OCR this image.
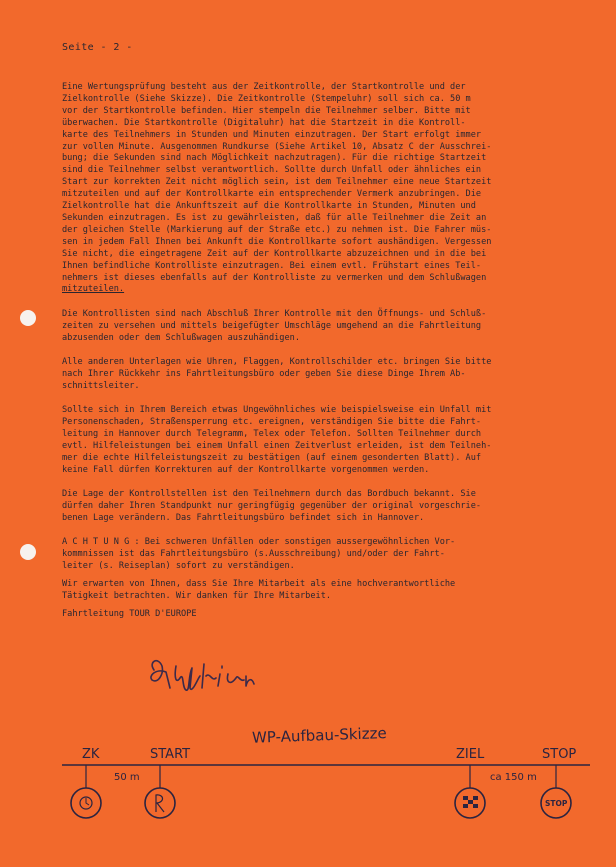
Seite - 2 -
Eine Wertungsprüfung besteht aus der Zeitkontrolle, der Startkontrolle und der
Zielkontrolle (Siehe Skizze). Die Zeitkontrolle (Stempeluhr) soll sich ca. 50 m
vor der Startkontrolle befinden. Hier stempeln die Teilnehmer selber. Bitte mit
überwachen. Die Startkontrolle (Digitaluhr) hat die Startzeit in die Kontroll-
karte des Teilnehmers in Stunden und Minuten einzutragen. Der Start erfolgt immer
zur vollen Minute. Ausgenommen Rundkurse (Siehe Artikel 10, Absatz C der Ausschrei-
bung; die Sekunden sind nach Möglichkeit nachzutragen). Für die richtige Startzeit
sind die Teilnehmer selbst verantwortlich. Sollte durch Unfall oder ähnliches ein
Start zur korrekten Zeit nicht möglich sein, ist dem Teilnehmer eine neue Startzeit
mitzuteilen und auf der Kontrollkarte ein entsprechender Vermerk anzubringen. Die
Zielkontrolle hat die Ankunftszeit auf die Kontrollkarte in Stunden, Minuten und
Sekunden einzutragen. Es ist zu gewährleisten, daß für alle Teilnehmer die Zeit an
der gleichen Stelle (Markierung auf der Straße etc.) zu nehmen ist. Die Fahrer müs-
sen in jedem Fall Ihnen bei Ankunft die Kontrollkarte sofort aushändigen. Vergessen
Sie nicht, die eingetragene Zeit auf der Kontrollkarte abzuzeichnen und in die bei
Ihnen befindliche Kontrolliste einzutragen. Bei einem evtl. Frühstart eines Teil-
nehmers ist dieses ebenfalls auf der Kontrolliste zu vermerken und dem Schlußwagen
mitzuteilen.
Die Kontrollisten sind nach Abschluß Ihrer Kontrolle mit den Öffnungs- und Schluß-
zeiten zu versehen und mittels beigefügter Umschläge umgehend an die Fahrtleitung
abzusenden oder dem Schlußwagen auszuhändigen.
Alle anderen Unterlagen wie Uhren, Flaggen, Kontrollschilder etc. bringen Sie bitte
nach Ihrer Rückkehr ins Fahrtleitungsbüro oder geben Sie diese Dinge Ihrem Ab-
schnittsleiter.
Sollte sich in Ihrem Bereich etwas Ungewöhnliches wie beispielsweise ein Unfall mit
Personenschaden, Straßensperrung etc. ereignen, verständigen Sie bitte die Fahrt-
leitung in Hannover durch Telegramm, Telex oder Telefon. Sollten Teilnehmer durch
evtl. Hilfeleistungen bei einem Unfall einen Zeitverlust erleiden, ist dem Teilneh-
mer die echte Hilfeleistungszeit zu bestätigen (auf einem gesonderten Blatt). Auf
keine Fall dürfen Korrekturen auf der Kontrollkarte vorgenommen werden.
Die Lage der Kontrollstellen ist den Teilnehmern durch das Bordbuch bekannt. Sie
dürfen daher Ihren Standpunkt nur geringfügig gegenüber der original vorgeschrie-
benen Lage verändern. Das Fahrtleitungsbüro befindet sich in Hannover.
A C H T U N G : Bei schweren Unfällen oder sonstigen aussergewöhnlichen Vor-
kommnissen ist das Fahrtleitungsbüro (s.Ausschreibung) und/oder der Fahrt-
leiter (s. Reiseplan) sofort zu verständigen.
Wir erwarten von Ihnen, dass Sie Ihre Mitarbeit als eine hochverantwortliche
Tätigkeit betrachten. Wir danken für Ihre Mitarbeit.
Fahrtleitung TOUR D'EUROPE
WP-Aufbau-Skizze
ZK	START	ZIEL	STOP
50 m	ca 150 m
STOP
